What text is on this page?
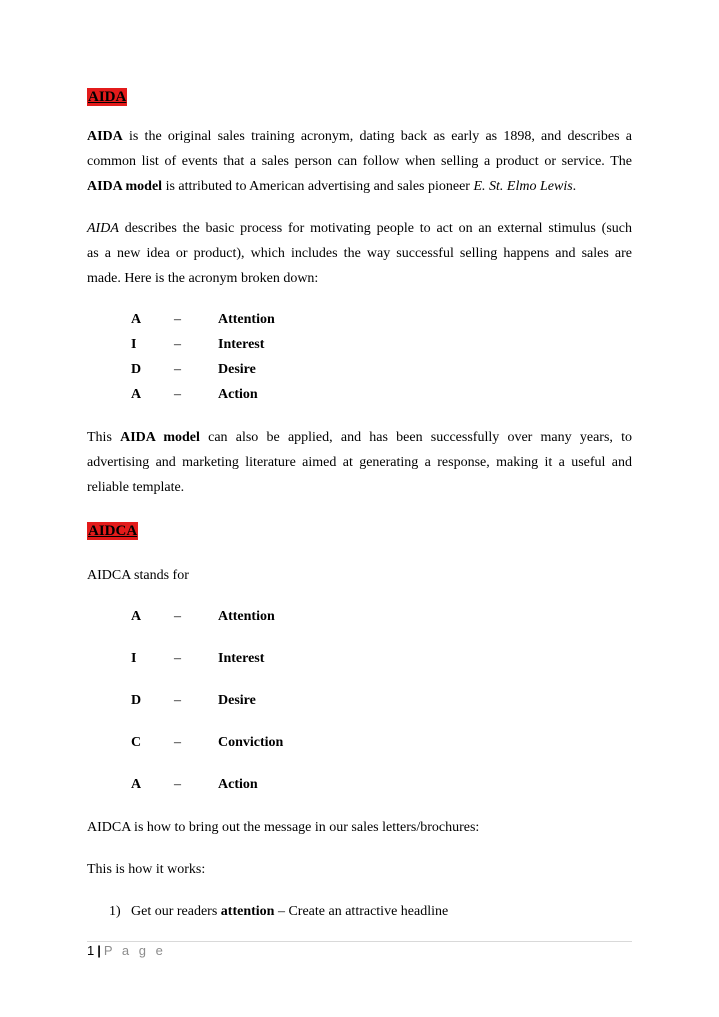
AIDA

AIDA is the original sales training acronym, dating back as early as 1898, and describes a
common list of events that a sales person can follow when selling a product or service. The
AIDA model is attributed to American advertising and sales pioneer E. St. Elmo Lewis.

AIDA describes the basic process for motivating people to act on an external stimulus (such
as a new idea or product), which includes the way successful selling happens and sales are
made. Here is the acronym broken down:

A –	Attention
I	–	Interest
D –	Desire
A –	Action

This AIDA model can also be applied, and has been successfully over many years, to
advertising and marketing literature aimed at generating a response, making it a useful and
reliable template.

AIDCA
AIDCA stands for
A –	Attention
I	–	Interest
D –	Desire
C –	Conviction
A –	Action
AIDCA is how to bring out the message in our sales letters/brochures:
This is how it works:
1) Get our readers attention – Create an attractive headline
1 | P a g e
